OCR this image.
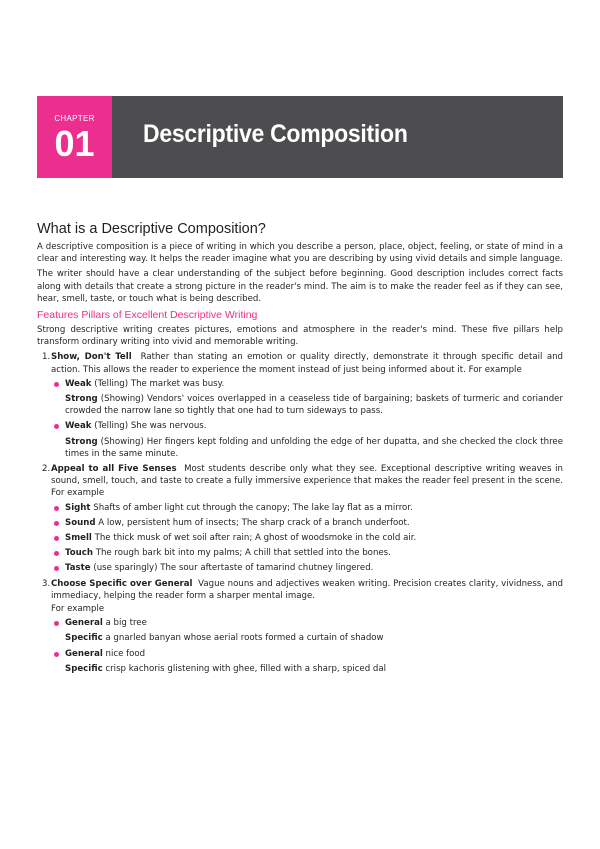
CHAPTER
01	Descriptive Composition
What is a Descriptive Composition?

A descriptive composition is a piece of writing in which you describe a person, place, object, feeling, or state of mind in a clear and interesting way. It helps the reader imagine what you are describing by using vivid details and simple language.

The writer should have a clear understanding of the subject before beginning. Good description includes correct facts along with details that create a strong picture in the reader's mind. The aim is to make the reader feel as if they can see, hear, smell, taste, or touch what is being described.

Features Pillars of Excellent Descriptive Writing

Strong descriptive writing creates pictures, emotions and atmosphere in the reader's mind. These five pillars help transform ordinary writing into vivid and memorable writing.

1. Show, Don't Tell Rather than stating an emotion or quality directly, demonstrate it through specific detail and action. This allows the reader to experience the moment instead of just being informed about it. For example
Weak (Telling) The market was busy.
Strong (Showing) Vendors' voices overlapped in a ceaseless tide of bargaining; baskets of turmeric and coriander crowded the narrow lane so tightly that one had to turn sideways to pass.
Weak (Telling) She was nervous.
Strong (Showing) Her fingers kept folding and unfolding the edge of her dupatta, and she checked the clock three times in the same minute.
2. Appeal to all Five Senses Most students describe only what they see. Exceptional descriptive writing weaves in sound, smell, touch, and taste to create a fully immersive experience that makes the reader feel present in the scene. For example
Sight Shafts of amber light cut through the canopy; The lake lay flat as a mirror.
Sound A low, persistent hum of insects; The sharp crack of a branch underfoot.
Smell The thick musk of wet soil after rain; A ghost of woodsmoke in the cold air.
Touch The rough bark bit into my palms; A chill that settled into the bones.
Taste (use sparingly) The sour aftertaste of tamarind chutney lingered.
3. Choose Specific over General Vague nouns and adjectives weaken writing. Precision creates clarity, vividness, and immediacy, helping the reader form a sharper mental image.

For example

General a big tree
Specific a gnarled banyan whose aerial roots formed a curtain of shadow
General nice food
Specific crisp kachoris glistening with ghee, filled with a sharp, spiced dal
